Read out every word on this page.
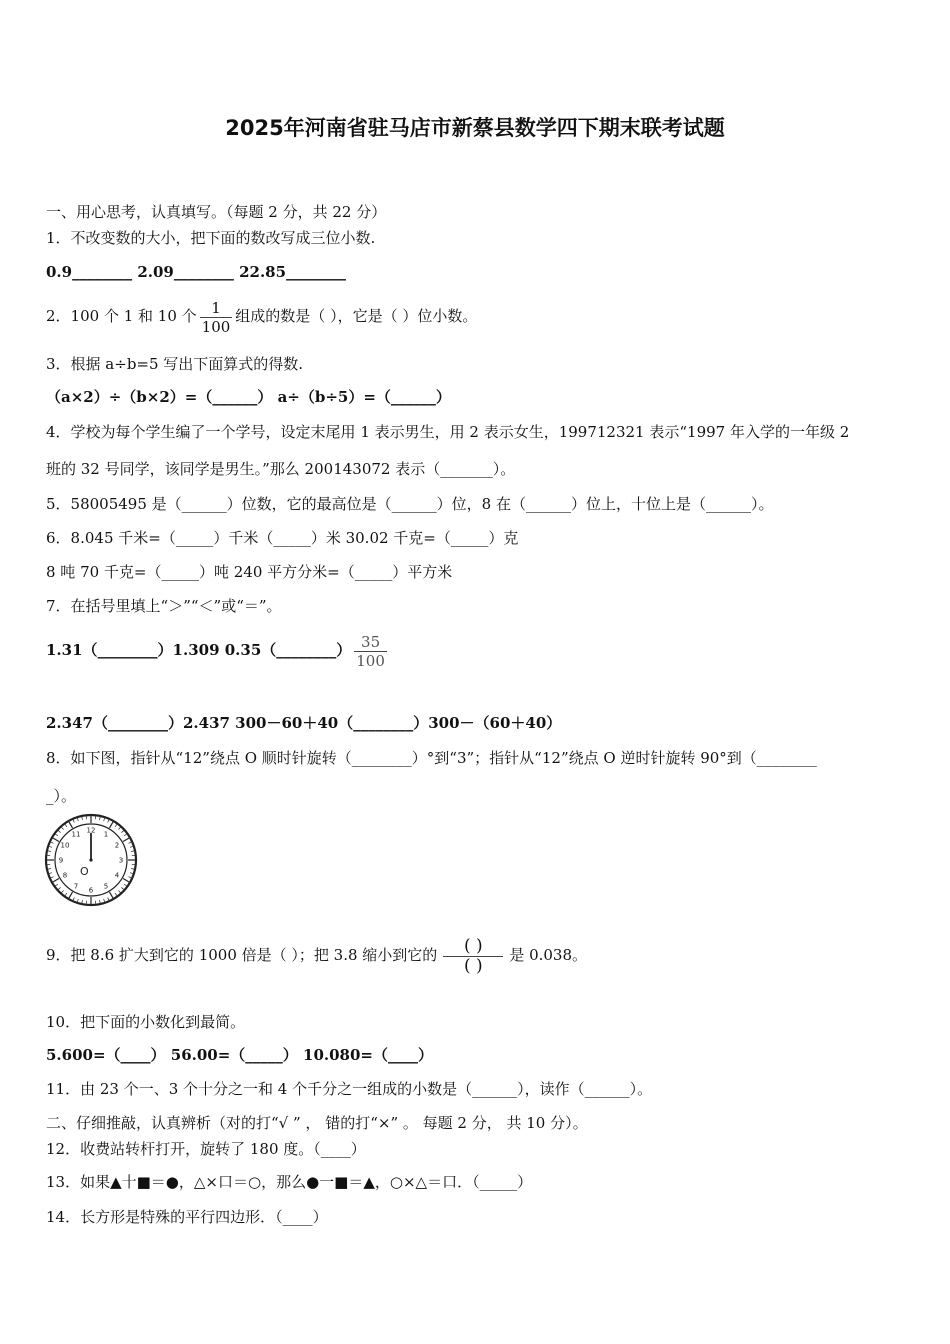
2025年河南省驻马店市新蔡县数学四下期末联考试题
一、用心思考，认真填写。（每题 2 分，共 22 分）
1．不改变数的大小，把下面的数改写成三位小数.
0.9________ 2.09________ 22.85________
2．100 个 1 和 10 个 $\frac{1}{100}$ 组成的数是（ ），它是（ ）位小数。
3．根据 a÷b=5 写出下面算式的得数.
（a×2）÷（b×2）=（______） a÷（b÷5）=（______）
4．学校为每个学生编了一个学号，设定末尾用 1 表示男生，用 2 表示女生，199712321 表示“1997 年入学的一年级 2
班的 32 号同学，该同学是男生。”那么 200143072 表示（_______）。
5．58005495 是（______）位数，它的最高位是（______）位，8 在（______）位上，十位上是（______）。
6．8.045 千米=（_____）千米（_____）米 30.02 千克=（_____）克
8 吨 70 千克=（_____）吨 240 平方分米=（_____）平方米
7．在括号里填上“＞”“＜”或“＝”。
1.31（________）1.309 0.35（________） $\frac{35}{100}$
2.347（________）2.437 300－60＋40（________）300－（60＋40）
8．如下图，指针从“12”绕点 O 顺时针旋转（________）°到“3”；指针从“12”绕点 O 逆时针旋转 90°到（________
_）。
12
1
2
3
4
5
6
7
8
9
10
11
O
9．把 8.6 扩大到它的 1000 倍是（ ）；把 3.8 缩小到它的 $\frac{( )}{( )}$ 是 0.038。
10．把下面的小数化到最简。
5.600=（____） 56.00=（_____） 10.080=（____）
11．由 23 个一、3 个十分之一和 4 个千分之一组成的小数是（______），读作（______）。
二、仔细推敲，认真辨析（对的打“√ ” ， 错的打“×” 。 每题 2 分， 共 10 分）。
12．收费站转杆打开，旋转了 180 度。（____）
13．如果▲十■＝●，△×口＝○，那么●一■＝▲，○×△＝口．（_____）
14．长方形是特殊的平行四边形．（____）
